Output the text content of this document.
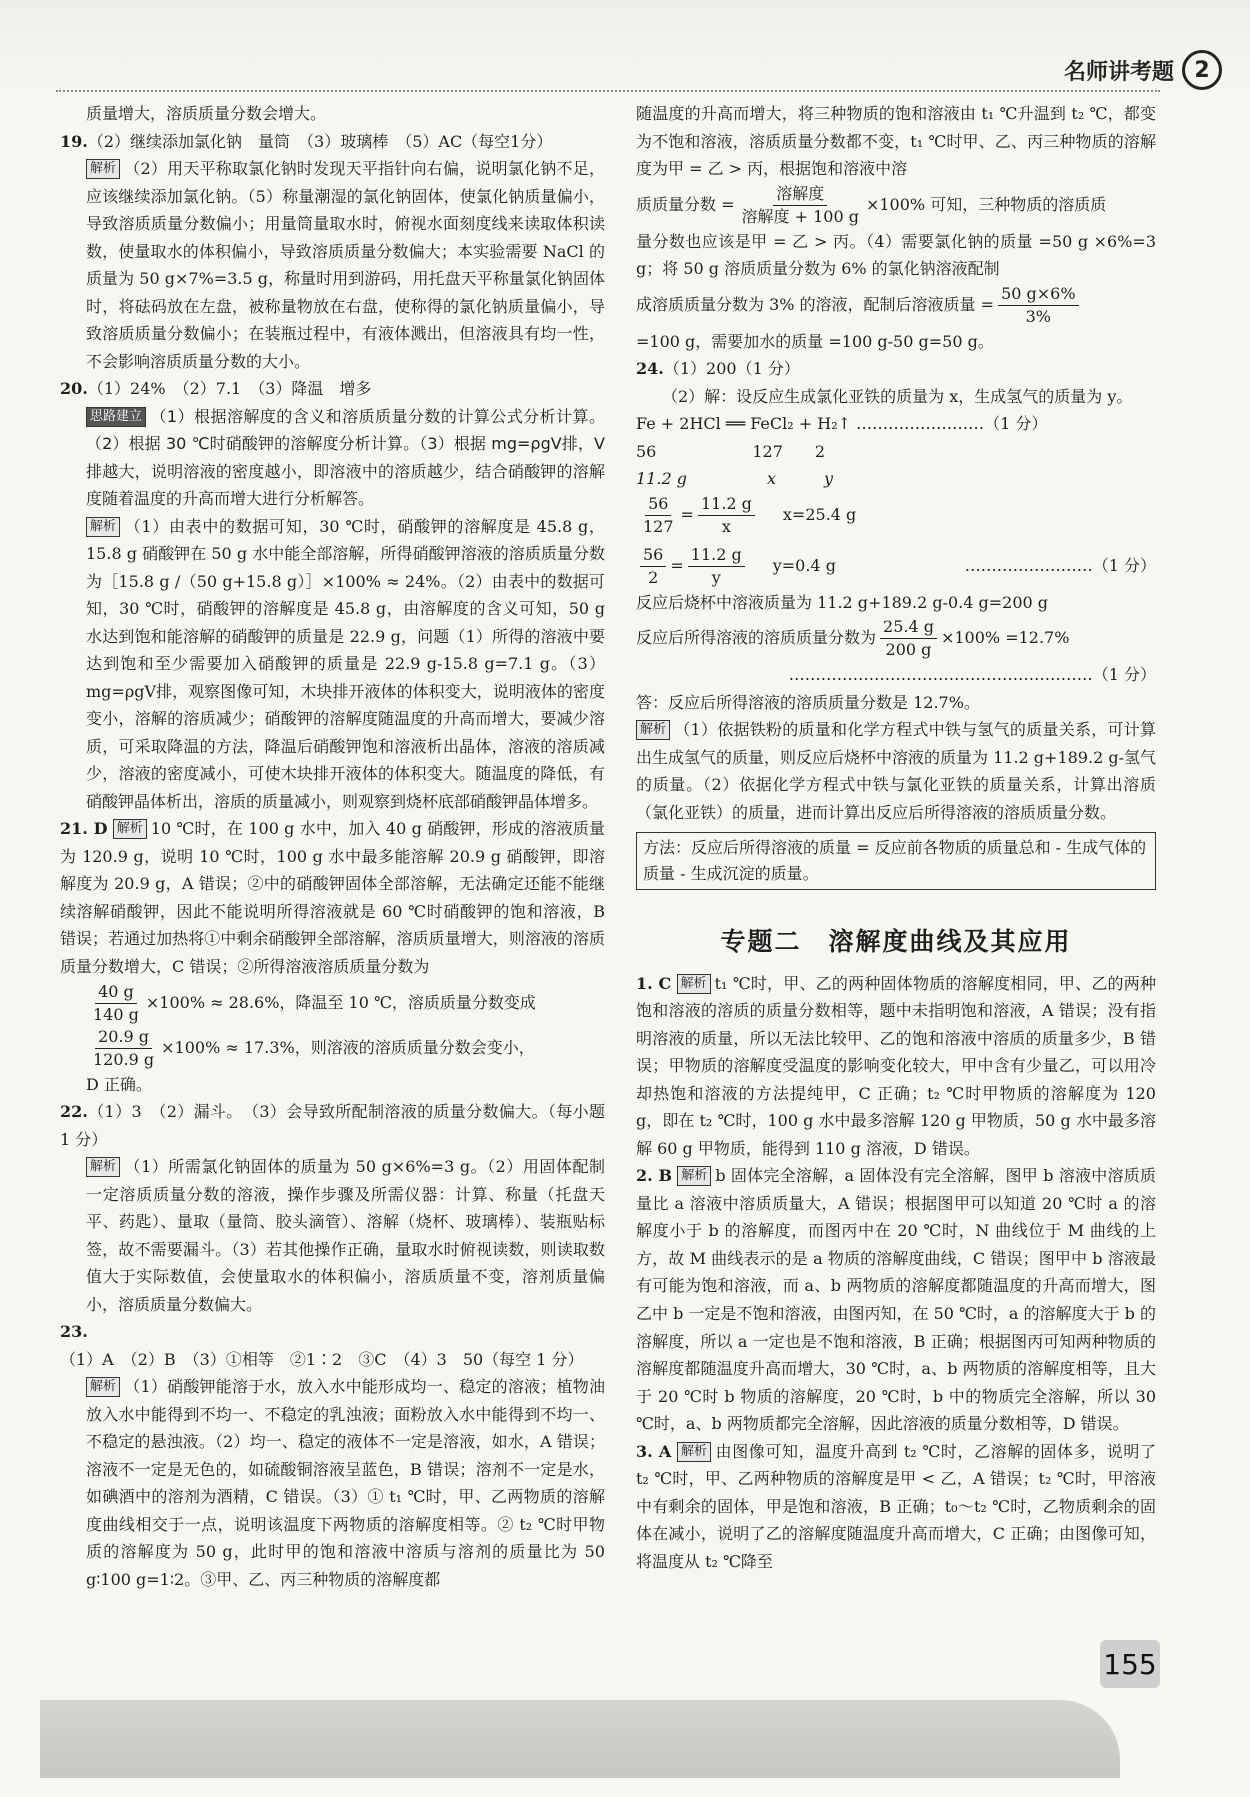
名师讲考题 2

质量增大，溶质质量分数会增大。

19.（2）继续添加氯化钠　量筒　（3）玻璃棒　（5）AC（每空1分）

解析 （2）用天平称取氯化钠时发现天平指针向右偏，说明氯化钠不足，应该继续添加氯化钠。（5）称量潮湿的氯化钠固体，使氯化钠质量偏小，导致溶质质量分数偏小；用量筒量取水时，俯视水面刻度线来读取体积读数，使量取水的体积偏小，导致溶质质量分数偏大；本实验需要 NaCl 的质量为 50 g×7%=3.5 g，称量时用到游码，用托盘天平称量氯化钠固体时，将砝码放在左盘，被称量物放在右盘，使称得的氯化钠质量偏小，导致溶质质量分数偏小；在装瓶过程中，有液体溅出，但溶液具有均一性，不会影响溶质质量分数的大小。

20.（1）24%　（2）7.1　（3）降温　增多

思路建立 （1）根据溶解度的含义和溶质质量分数的计算公式分析计算。（2）根据 30 ℃时硝酸钾的溶解度分析计算。（3）根据 mg=ρgV排，V排越大，说明溶液的密度越小，即溶液中的溶质越少，结合硝酸钾的溶解度随着温度的升高而增大进行分析解答。

解析 （1）由表中的数据可知，30 ℃时，硝酸钾的溶解度是 45.8 g，15.8 g 硝酸钾在 50 g 水中能全部溶解，所得硝酸钾溶液的溶质质量分数为［15.8 g /（50 g+15.8 g）］×100% ≈ 24%。（2）由表中的数据可知，30 ℃时，硝酸钾的溶解度是 45.8 g，由溶解度的含义可知，50 g 水达到饱和能溶解的硝酸钾的质量是 22.9 g，问题（1）所得的溶液中要达到饱和至少需要加入硝酸钾的质量是 22.9 g-15.8 g=7.1 g。（3）mg=ρgV排，观察图像可知，木块排开液体的体积变大，说明液体的密度变小，溶解的溶质减少；硝酸钾的溶解度随温度的升高而增大，要减少溶质，可采取降温的方法，降温后硝酸钾饱和溶液析出晶体，溶液的溶质减少，溶液的密度减小，可使木块排开液体的体积变大。随温度的降低，有硝酸钾晶体析出，溶质的质量减小，则观察到烧杯底部硝酸钾晶体增多。

21. D 解析 10 ℃时，在 100 g 水中，加入 40 g 硝酸钾，形成的溶液质量为 120.9 g，说明 10 ℃时，100 g 水中最多能溶解 20.9 g 硝酸钾，即溶解度为 20.9 g，A 错误；②中的硝酸钾固体全部溶解，无法确定还能不能继续溶解硝酸钾，因此不能说明所得溶液就是 60 ℃时硝酸钾的饱和溶液，B 错误；若通过加热将①中剩余硝酸钾全部溶解，溶质质量增大，则溶液的溶质质量分数增大，C 错误；②所得溶液溶质质量分数为

$\frac{40 g}{140 g} \times 100\% \approx 28.6\%$，降温至 10 ℃，溶质质量分数变成

$\frac{20.9 g}{120.9 g} \times 100\% \approx 17.3\%$，则溶液的溶质质量分数会变小，

D 正确。

22.（1）3　（2）漏斗。　（3）会导致所配制溶液的质量分数偏大。（每小题 1 分）

解析 （1）所需氯化钠固体的质量为 50 g×6%=3 g。（2）用固体配制一定溶质质量分数的溶液，操作步骤及所需仪器：计算、称量（托盘天平、药匙）、量取（量筒、胶头滴管）、溶解（烧杯、玻璃棒）、装瓶贴标签，故不需要漏斗。（3）若其他操作正确，量取水时俯视读数，则读取数值大于实际数值，会使量取水的体积偏小，溶质质量不变，溶剂质量偏小，溶质质量分数偏大。

23.（1）A　（2）B　（3）①相等　②1∶2　③C　（4）3　50（每空 1 分）

解析 （1）硝酸钾能溶于水，放入水中能形成均一、稳定的溶液；植物油放入水中能得到不均一、不稳定的乳浊液；面粉放入水中能得到不均一、不稳定的悬浊液。（2）均一、稳定的液体不一定是溶液，如水，A 错误；溶液不一定是无色的，如硫酸铜溶液呈蓝色，B 错误；溶剂不一定是水，如碘酒中的溶剂为酒精，C 错误。（3）① t₁ ℃时，甲、乙两物质的溶解度曲线相交于一点，说明该温度下两物质的溶解度相等。② t₂ ℃时甲物质的溶解度为 50 g，此时甲的饱和溶液中溶质与溶剂的质量比为 50 g∶100 g=1∶2。③甲、乙、丙三种物质的溶解度都

随温度的升高而增大，将三种物质的饱和溶液由 t₁ ℃升温到 t₂ ℃，都变为不饱和溶液，溶质质量分数都不变，t₁ ℃时甲、乙、丙三种物质的溶解度为甲 = 乙 > 丙，根据饱和溶液中溶

质质量分数 = $\frac{\text{溶解度}}{\text{溶解度 + 100 g}} \times 100\%$ 可知，三种物质的溶质质

量分数也应该是甲 = 乙 > 丙。（4）需要氯化钠的质量 =50 g ×6%=3 g；将 50 g 溶质质量分数为 6% 的氯化钠溶液配制

成溶质质量分数为 3% 的溶液，配制后溶液质量 = $\frac{50 g\times 6\%}{3\%}$

=100 g，需要加水的质量 =100 g-50 g=50 g。

24.（1）200（1 分）

（2）解：设反应生成氯化亚铁的质量为 x，生成氢气的质量为 y。

Fe + 2HCl ══ FeCl₂ + H₂↑ ……………………（1 分）

56　　　　　　127　　2

11.2 g　　　　　x　　　y

$\frac{56}{127} = \frac{11.2 g}{x} x=25.4$ g
$\frac{56}{2} = \frac{11.2 g}{y} y=0.4$ g	……………………（1 分）

反应后烧杯中溶液质量为 11.2 g+189.2 g-0.4 g=200 g

反应后所得溶液的溶质质量分数为 $\frac{25.4 g}{200 g} \times 100\% =12.7\%$

…………………………………………………（1 分）

答：反应后所得溶液的溶质质量分数是 12.7%。

解析 （1）依据铁粉的质量和化学方程式中铁与氢气的质量关系，可计算出生成氢气的质量，则反应后烧杯中溶液的质量为 11.2 g+189.2 g-氢气的质量。（2）依据化学方程式中铁与氯化亚铁的质量关系，计算出溶质（氯化亚铁）的质量，进而计算出反应后所得溶液的溶质质量分数。

方法：反应后所得溶液的质量 = 反应前各物质的质量总和 - 生成气体的质量 - 生成沉淀的质量。
专题二　溶解度曲线及其应用

1. C 解析 t₁ ℃时，甲、乙的两种固体物质的溶解度相同，甲、乙的两种饱和溶液的溶质的质量分数相等，题中未指明饱和溶液，A 错误；没有指明溶液的质量，所以无法比较甲、乙的饱和溶液中溶质的质量多少，B 错误；甲物质的溶解度受温度的影响变化较大，甲中含有少量乙，可以用冷却热饱和溶液的方法提纯甲，C 正确；t₂ ℃时甲物质的溶解度为 120 g，即在 t₂ ℃时，100 g 水中最多溶解 120 g 甲物质，50 g 水中最多溶解 60 g 甲物质，能得到 110 g 溶液，D 错误。

2. B 解析 b 固体完全溶解，a 固体没有完全溶解，图甲 b 溶液中溶质质量比 a 溶液中溶质质量大，A 错误；根据图甲可以知道 20 ℃时 a 的溶解度小于 b 的溶解度，而图丙中在 20 ℃时，N 曲线位于 M 曲线的上方，故 M 曲线表示的是 a 物质的溶解度曲线，C 错误；图甲中 b 溶液最有可能为饱和溶液，而 a、b 两物质的溶解度都随温度的升高而增大，图乙中 b 一定是不饱和溶液，由图丙知，在 50 ℃时，a 的溶解度大于 b 的溶解度，所以 a 一定也是不饱和溶液，B 正确；根据图丙可知两种物质的溶解度都随温度升高而增大，30 ℃时，a、b 两物质的溶解度相等，且大于 20 ℃时 b 物质的溶解度，20 ℃时，b 中的物质完全溶解，所以 30 ℃时，a、b 两物质都完全溶解，因此溶液的质量分数相等，D 错误。

3. A 解析 由图像可知，温度升高到 t₂ ℃时，乙溶解的固体多，说明了 t₂ ℃时，甲、乙两种物质的溶解度是甲 < 乙，A 错误；t₂ ℃时，甲溶液中有剩余的固体，甲是饱和溶液，B 正确；t₀～t₂ ℃时，乙物质剩余的固体在减小，说明了乙的溶解度随温度升高而增大，C 正确；由图像可知，将温度从 t₂ ℃降至

155
